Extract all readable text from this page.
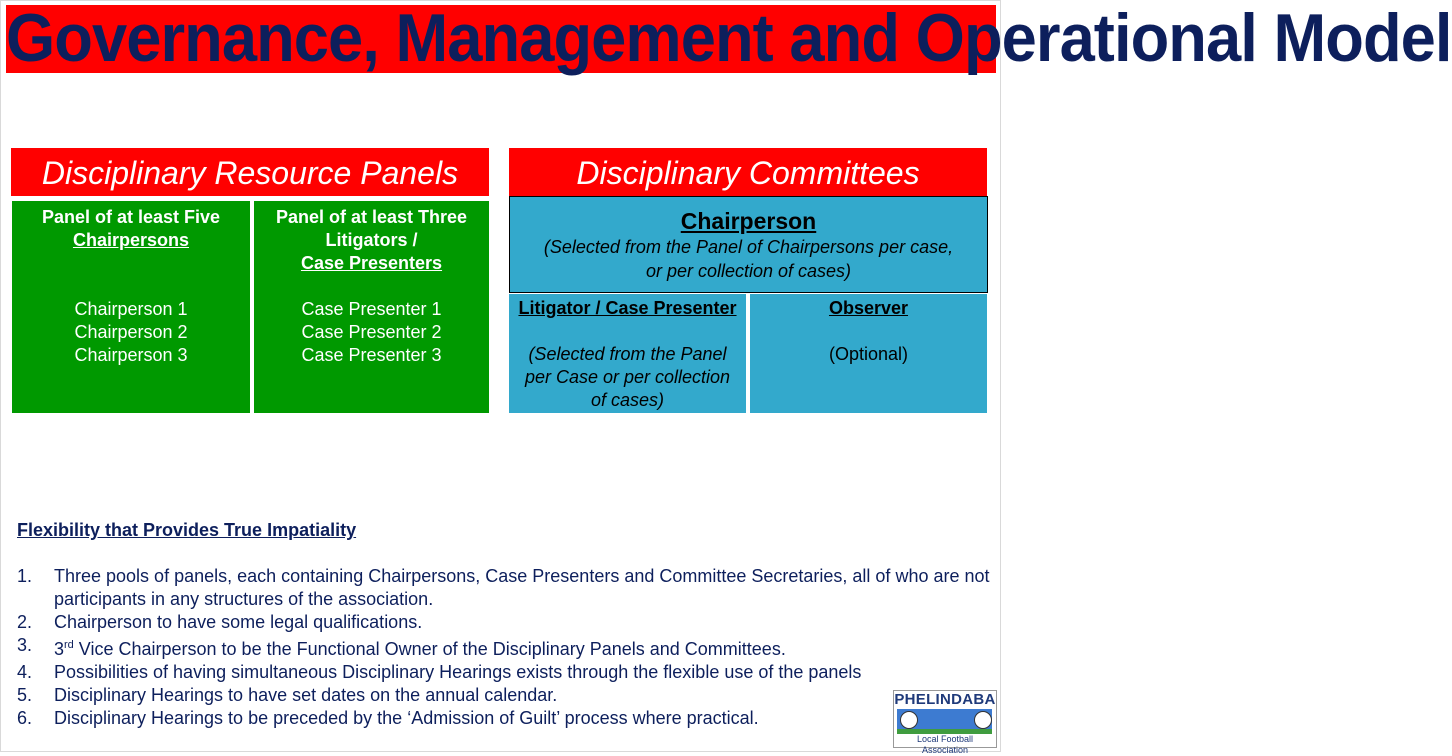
Governance, Management and Operational Model
Disciplinary Resource Panels
Panel of at least Five
Chairpersons
Chairperson 1
Chairperson 2
Chairperson 3
Panel of at least Three
Litigators /
Case Presenters
Case Presenter 1
Case Presenter 2
Case Presenter 3
Disciplinary Committees
Chairperson
(Selected from the Panel of Chairpersons per case,
or per collection of cases)
Litigator / Case Presenter
(Selected from the Panel
per Case or per collection
of cases)
Observer
(Optional)
Flexibility that Provides True Impatiality
1. Three pools of panels, each containing Chairpersons, Case Presenters and Committee Secretaries, all of who are not participants in any structures of the association.
2. Chairperson to have some legal qualifications.
3. 3rd Vice Chairperson to be the Functional Owner of the Disciplinary Panels and Committees.
4. Possibilities of having simultaneous Disciplinary Hearings exists through the flexible use of the panels
5. Disciplinary Hearings to have set dates on the annual calendar.
6. Disciplinary Hearings to be preceded by the ‘Admission of Guilt’ process where practical.
PHELINDABA
Local Football Association
